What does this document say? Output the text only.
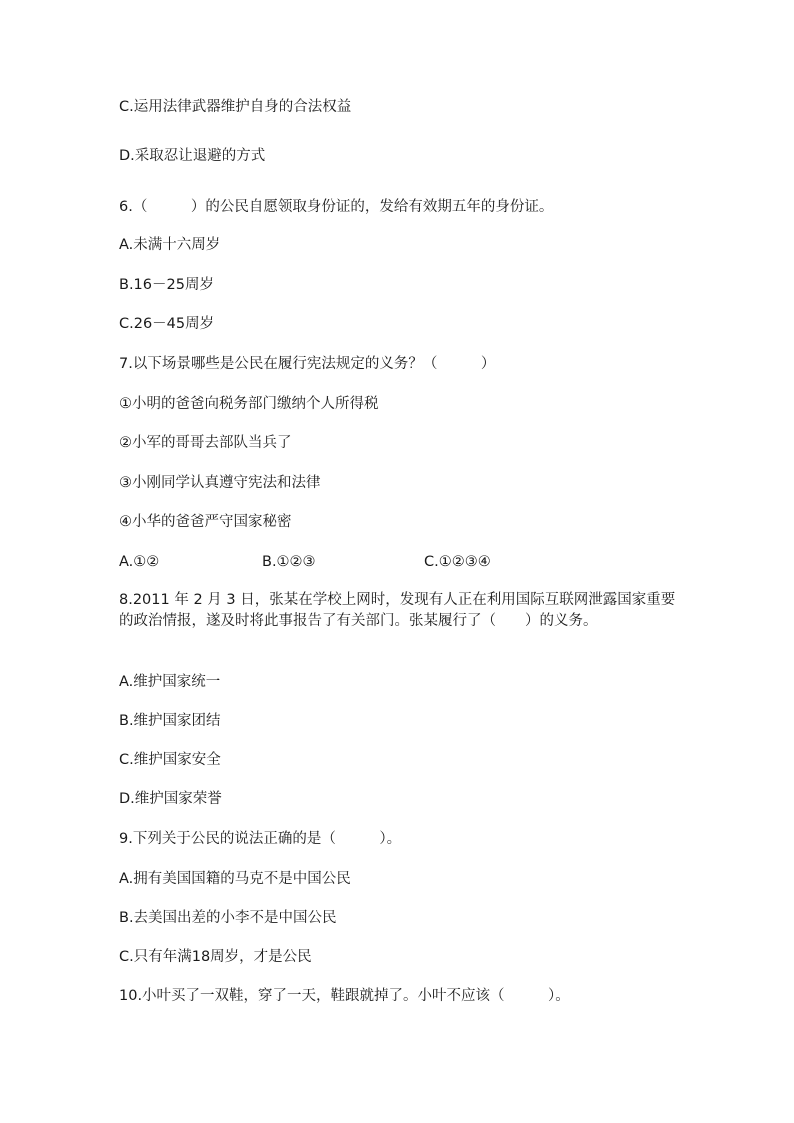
C.运用法律武器维护自身的合法权益
D.采取忍让退避的方式
6.（　　　）的公民自愿领取身份证的，发给有效期五年的身份证。
A.未满十六周岁
B.16－25周岁
C.26－45周岁
7.以下场景哪些是公民在履行宪法规定的义务？（　　　）
①小明的爸爸向税务部门缴纳个人所得税
②小军的哥哥去部队当兵了
③小刚同学认真遵守宪法和法律
④小华的爸爸严守国家秘密
A.①②	B.①②③	C.①②③④
8.2011 年 2 月 3 日，张某在学校上网时，发现有人正在利用国际互联网泄露国家重要的政治情报，遂及时将此事报告了有关部门。张某履行了（　　）的义务。
A.维护国家统一
B.维护国家团结
C.维护国家安全
D.维护国家荣誉
9.下列关于公民的说法正确的是（　　　）。
A.拥有美国国籍的马克不是中国公民
B.去美国出差的小李不是中国公民
C.只有年满18周岁，才是公民
10.小叶买了一双鞋，穿了一天，鞋跟就掉了。小叶不应该（　　　）。
